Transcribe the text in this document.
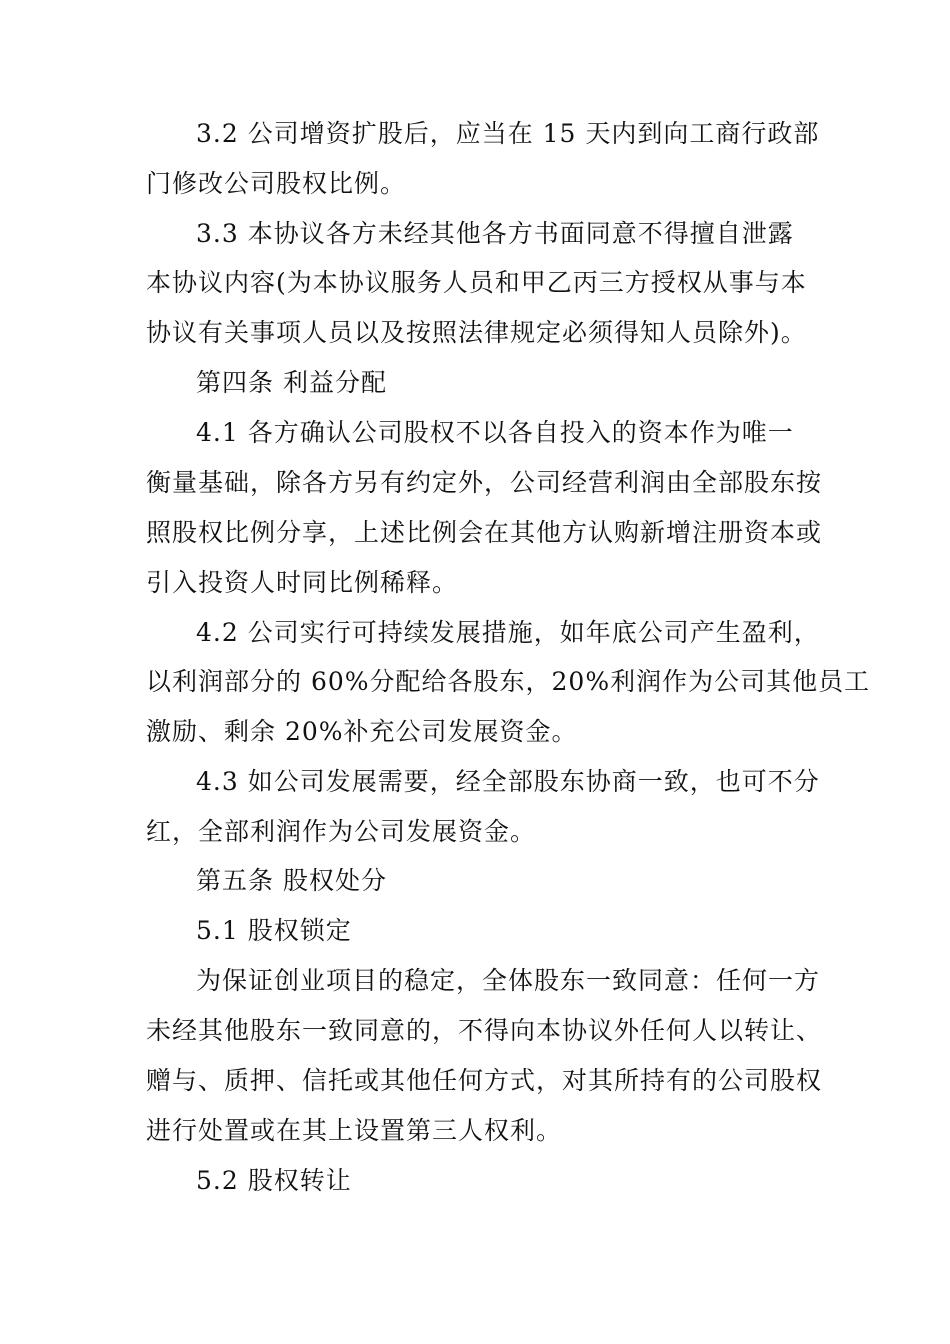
3.2 公司增资扩股后，应当在 15 天内到向工商行政部
门修改公司股权比例。
3.3 本协议各方未经其他各方书面同意不得擅自泄露
本协议内容(为本协议服务人员和甲乙丙三方授权从事与本
协议有关事项人员以及按照法律规定必须得知人员除外)。
第四条 利益分配
4.1 各方确认公司股权不以各自投入的资本作为唯一
衡量基础，除各方另有约定外，公司经营利润由全部股东按
照股权比例分享，上述比例会在其他方认购新增注册资本或
引入投资人时同比例稀释。
4.2 公司实行可持续发展措施，如年底公司产生盈利，
以利润部分的 60%分配给各股东，20%利润作为公司其他员工
激励、剩余 20%补充公司发展资金。
4.3 如公司发展需要，经全部股东协商一致，也可不分
红，全部利润作为公司发展资金。
第五条 股权处分
5.1 股权锁定
为保证创业项目的稳定，全体股东一致同意：任何一方
未经其他股东一致同意的，不得向本协议外任何人以转让、
赠与、质押、信托或其他任何方式，对其所持有的公司股权
进行处置或在其上设置第三人权利。
5.2 股权转让
